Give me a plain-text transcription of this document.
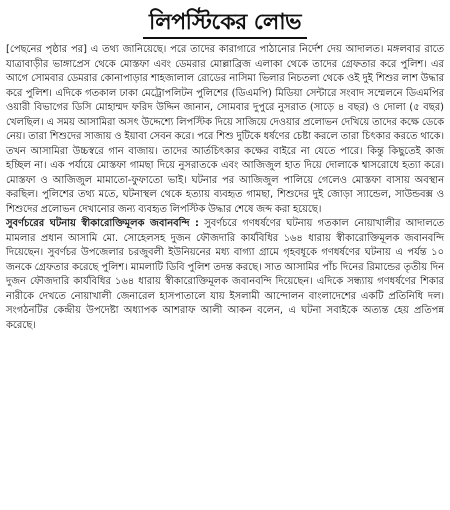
লিপস্টিকের লোভ

[পেছনের পৃষ্ঠার পর] এ তথ্য জানিয়েছে। পরে তাদের কারাগারে পাঠানোর নির্দেশ দেয় আদালত। মঙ্গলবার রাতে যাত্রাবাড়ীর ভাঙ্গাপ্রেস থেকে মোস্তফা এবং ডেমরার মোল্লাব্রিজ এলাকা থেকে তাদের গ্রেফতার করে পুলিশ। এর আগে সোমবার ডেমরার কোনাপাড়ার শাহজালাল রোডের নাসিমা ভিলার নিচতলা থেকে ওই দুই শিশুর লাশ উদ্ধার করে পুলিশ। এদিকে গতকাল ঢাকা মেট্রোপলিটন পুলিশের (ডিএমপি) মিডিয়া সেন্টারে সংবাদ সম্মেলনে ডিএমপির ওয়ারী বিভাগের ডিসি মোহাম্মদ ফরিদ উদ্দিন জানান, সোমবার দুপুরে নুসরাত (সাড়ে ৪ বছর) ও দোলা (৫ বছর) খেলছিল। এ সময় আসামিরা অসৎ উদ্দেশ্যে লিপস্টিক দিয়ে সাজিয়ে দেওয়ার প্রলোভন দেখিয়ে তাদের কক্ষে ডেকে নেয়। তারা শিশুদের সাজায় ও ইয়াবা সেবন করে। পরে শিশু দুটিকে ধর্ষণের চেষ্টা করলে তারা চিৎকার করতে থাকে। তখন আসামিরা উচ্চস্বরে গান বাজায়। তাদের আর্তচিৎকার কক্ষের বাইরে না যেতে পারে। কিন্তু কিছুতেই কাজ হচ্ছিল না। এক পর্যায়ে মোস্তফা গামছা দিয়ে নুসরাতকে এবং আজিজুল হাত দিয়ে দোলাকে শ্বাসরোধে হত্যা করে। মোস্তফা ও আজিজুল মামাতো-ফুফাতো ভাই। ঘটনার পর আজিজুল পালিয়ে গেলেও মোস্তফা বাসায় অবস্থান করছিল। পুলিশের তথ্য মতে, ঘটনাস্থল থেকে হত্যায় ব্যবহৃত গামছা, শিশুদের দুই জোড়া স্যান্ডেল, সাউন্ডবক্স ও শিশুদের প্রলোভন দেখানোর জন্য ব্যবহৃত লিপস্টিক উদ্ধার শেষে জব্দ করা হয়েছে।

সুবর্ণচরের ঘটনায় স্বীকারোক্তিমূলক জবানবন্দি : সুবর্ণচরে গণধর্ষণের ঘটনায় গতকাল নোয়াখালীর আদালতে মামলার প্রধান আসামি মো. সোহেলসহ দুজন ফৌজদারি কার্যবিধির ১৬৪ ধারায় স্বীকারোক্তিমূলক জবানবন্দি দিয়েছেন। সুবর্ণচর উপজেলার চরজুবলী ইউনিয়নের মধ্য বাগ্যা গ্রামে গৃহবধূকে গণধর্ষণের ঘটনায় এ পর্যন্ত ১০ জনকে গ্রেফতার করেছে পুলিশ। মামলাটি ডিবি পুলিশ তদন্ত করছে। সাত আসামির পাঁচ দিনের রিমান্ডের তৃতীয় দিন দুজন ফৌজদারি কার্যবিধির ১৬৪ ধারায় স্বীকারোক্তিমূলক জবানবন্দি দিয়েছেন। এদিকে সন্ধ্যায় গণধর্ষণের শিকার নারীকে দেখতে নোয়াখালী জেনারেল হাসপাতালে যায় ইসলামী আন্দোলন বাংলাদেশের একটি প্রতিনিধি দল। সংগঠনটির কেন্দ্রীয় উপদেষ্টা অধ্যাপক আশরাফ আলী আকন বলেন, এ ঘটনা সবাইকে অত্যন্ত হেয় প্রতিপন্ন করেছে।
